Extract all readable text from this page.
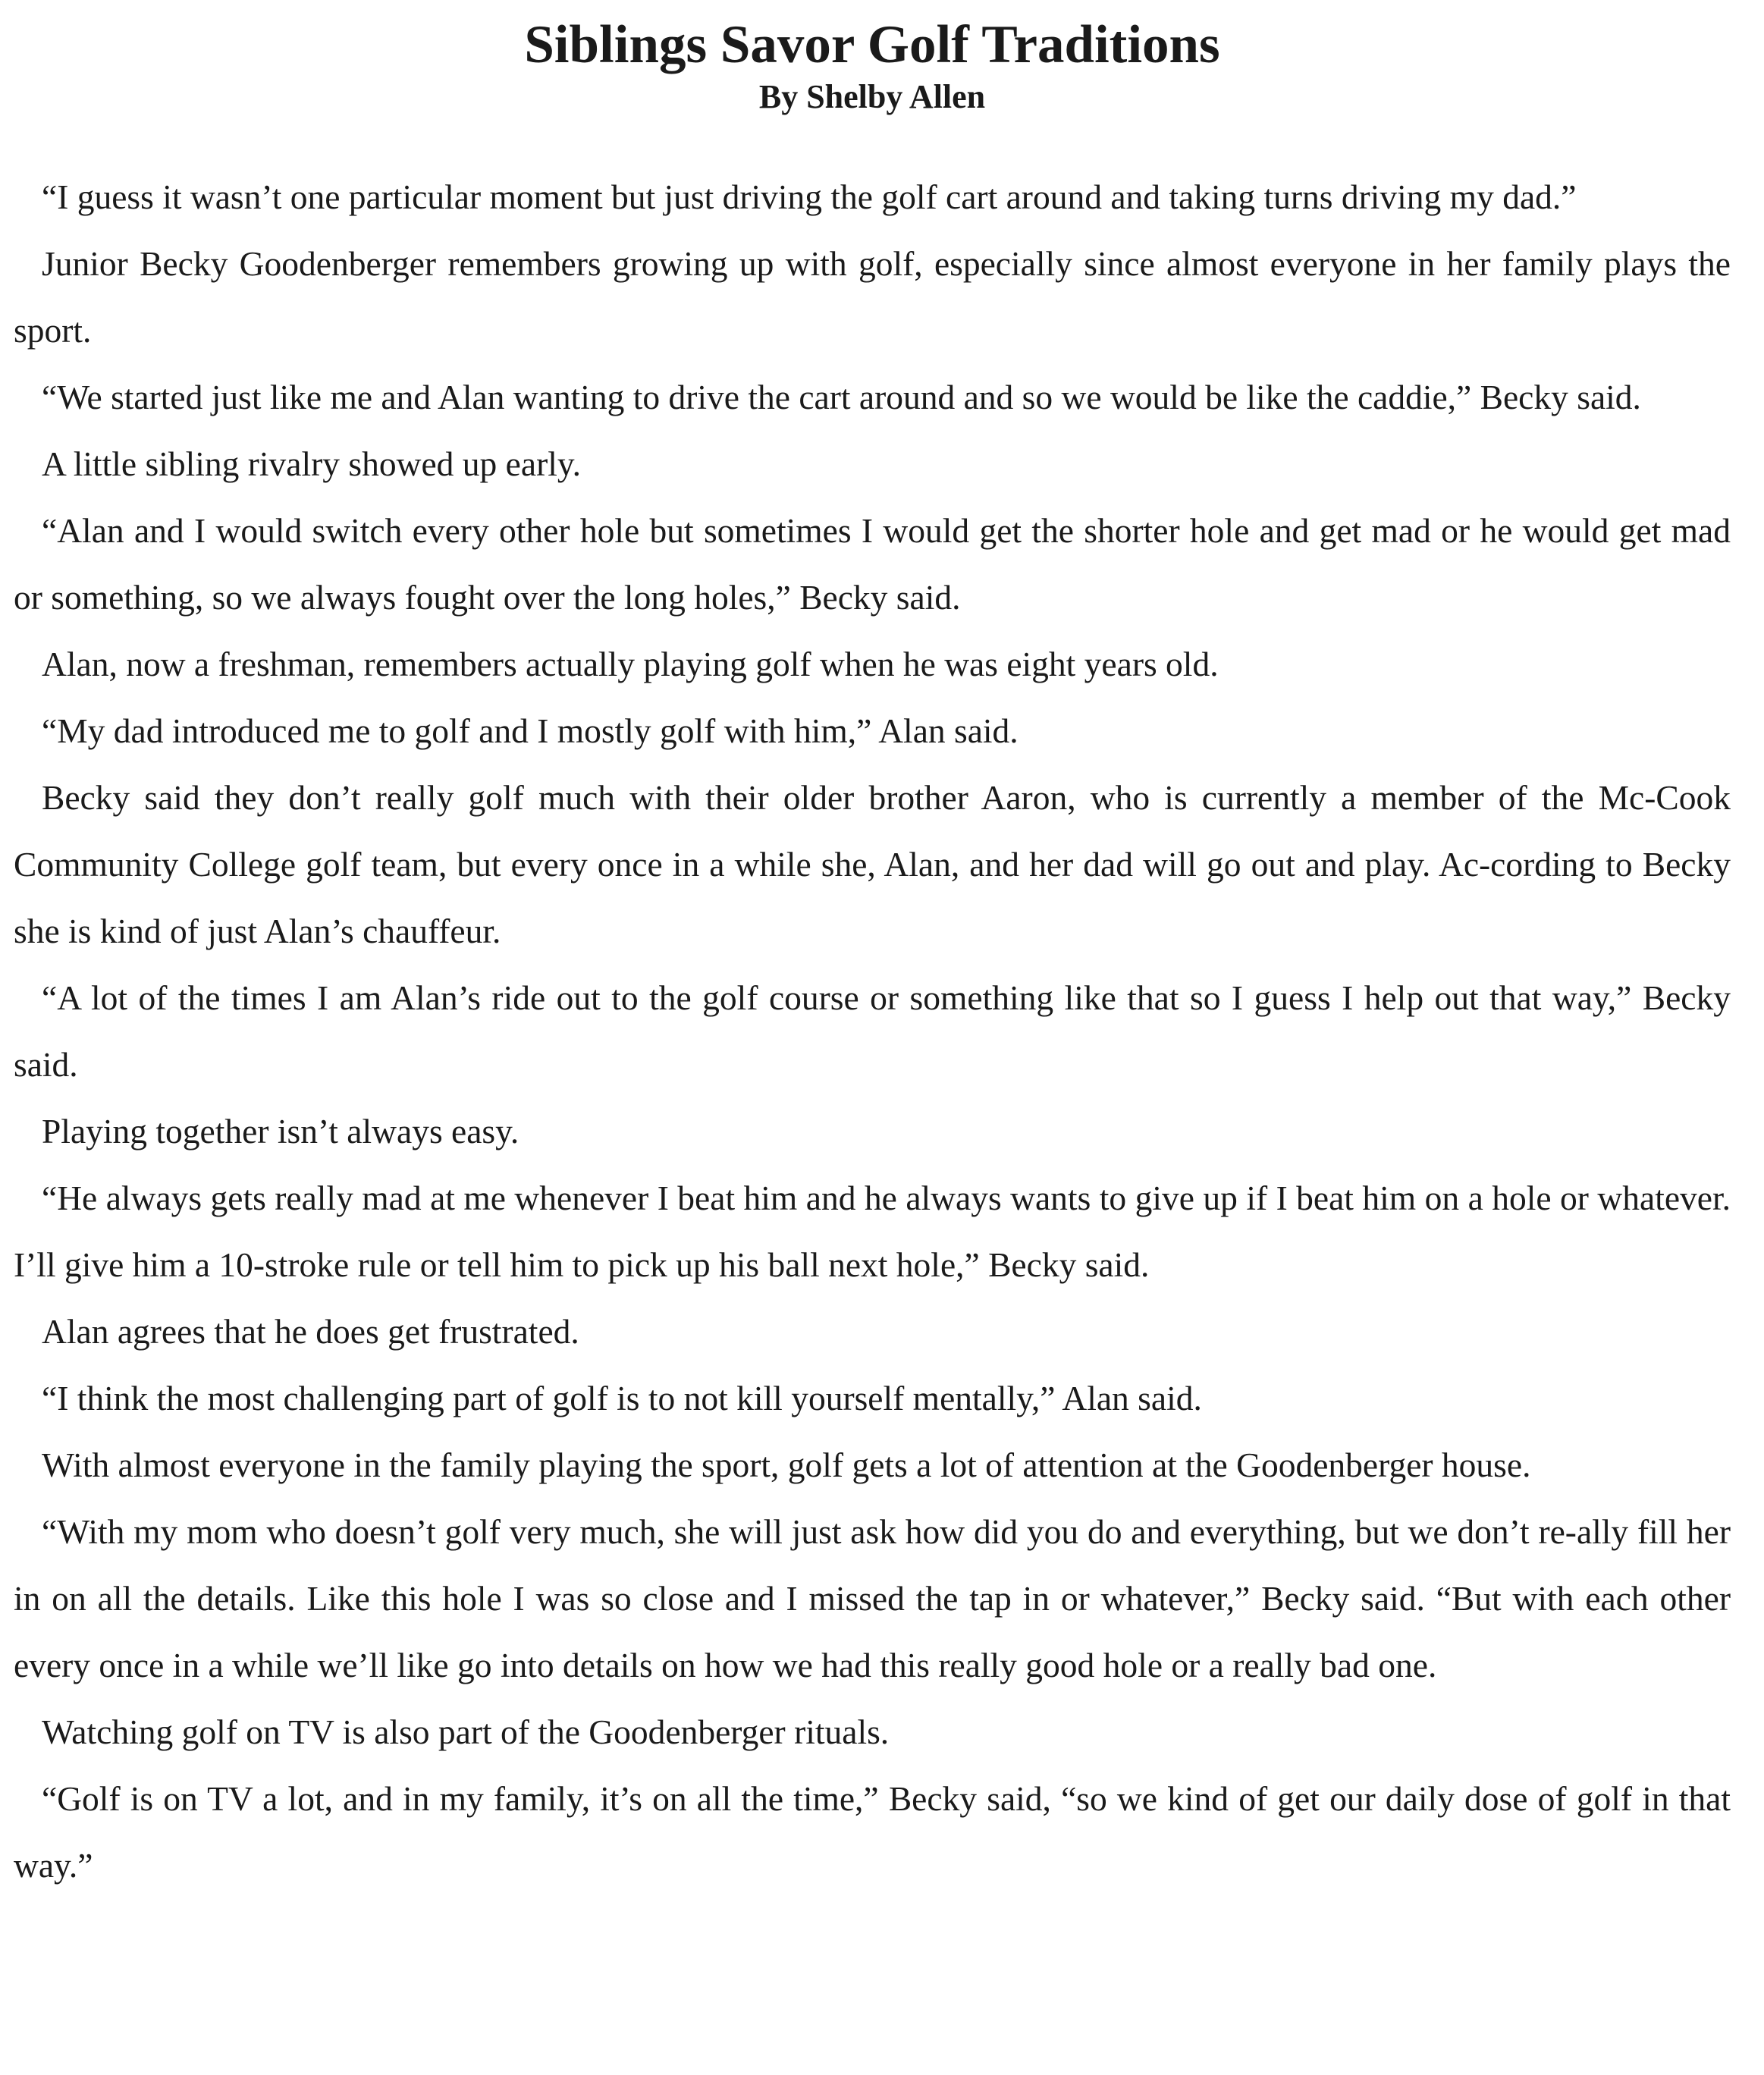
Siblings Savor Golf Traditions
By Shelby Allen

“I guess it wasn’t one particular moment but just driving the golf cart around and taking turns driving my dad.”

Junior Becky Goodenberger remembers growing up with golf, especially since almost everyone in her family plays the sport.

“We started just like me and Alan wanting to drive the cart around and so we would be like the caddie,” Becky said.

A little sibling rivalry showed up early.

“Alan and I would switch every other hole but sometimes I would get the shorter hole and get mad or he would get mad or something, so we always fought over the long holes,” Becky said.

Alan, now a freshman, remembers actually playing golf when he was eight years old.

“My dad introduced me to golf and I mostly golf with him,” Alan said.

Becky said they don’t really golf much with their older brother Aaron, who is currently a member of the Mc-Cook Community College golf team, but every once in a while she, Alan, and her dad will go out and play. Ac-cording to Becky she is kind of just Alan’s chauffeur.

“A lot of the times I am Alan’s ride out to the golf course or something like that so I guess I help out that way,” Becky said.

Playing together isn’t always easy.

“He always gets really mad at me whenever I beat him and he always wants to give up if I beat him on a hole or whatever. I’ll give him a 10-stroke rule or tell him to pick up his ball next hole,” Becky said.

Alan agrees that he does get frustrated.

“I think the most challenging part of golf is to not kill yourself mentally,” Alan said.

With almost everyone in the family playing the sport, golf gets a lot of attention at the Goodenberger house.

“With my mom who doesn’t golf very much, she will just ask how did you do and everything, but we don’t re-ally fill her in on all the details. Like this hole I was so close and I missed the tap in or whatever,” Becky said. “But with each other every once in a while we’ll like go into details on how we had this really good hole or a really bad one.

Watching golf on TV is also part of the Goodenberger rituals.

“Golf is on TV a lot, and in my family, it’s on all the time,” Becky said, “so we kind of get our daily dose of golf in that way.”
